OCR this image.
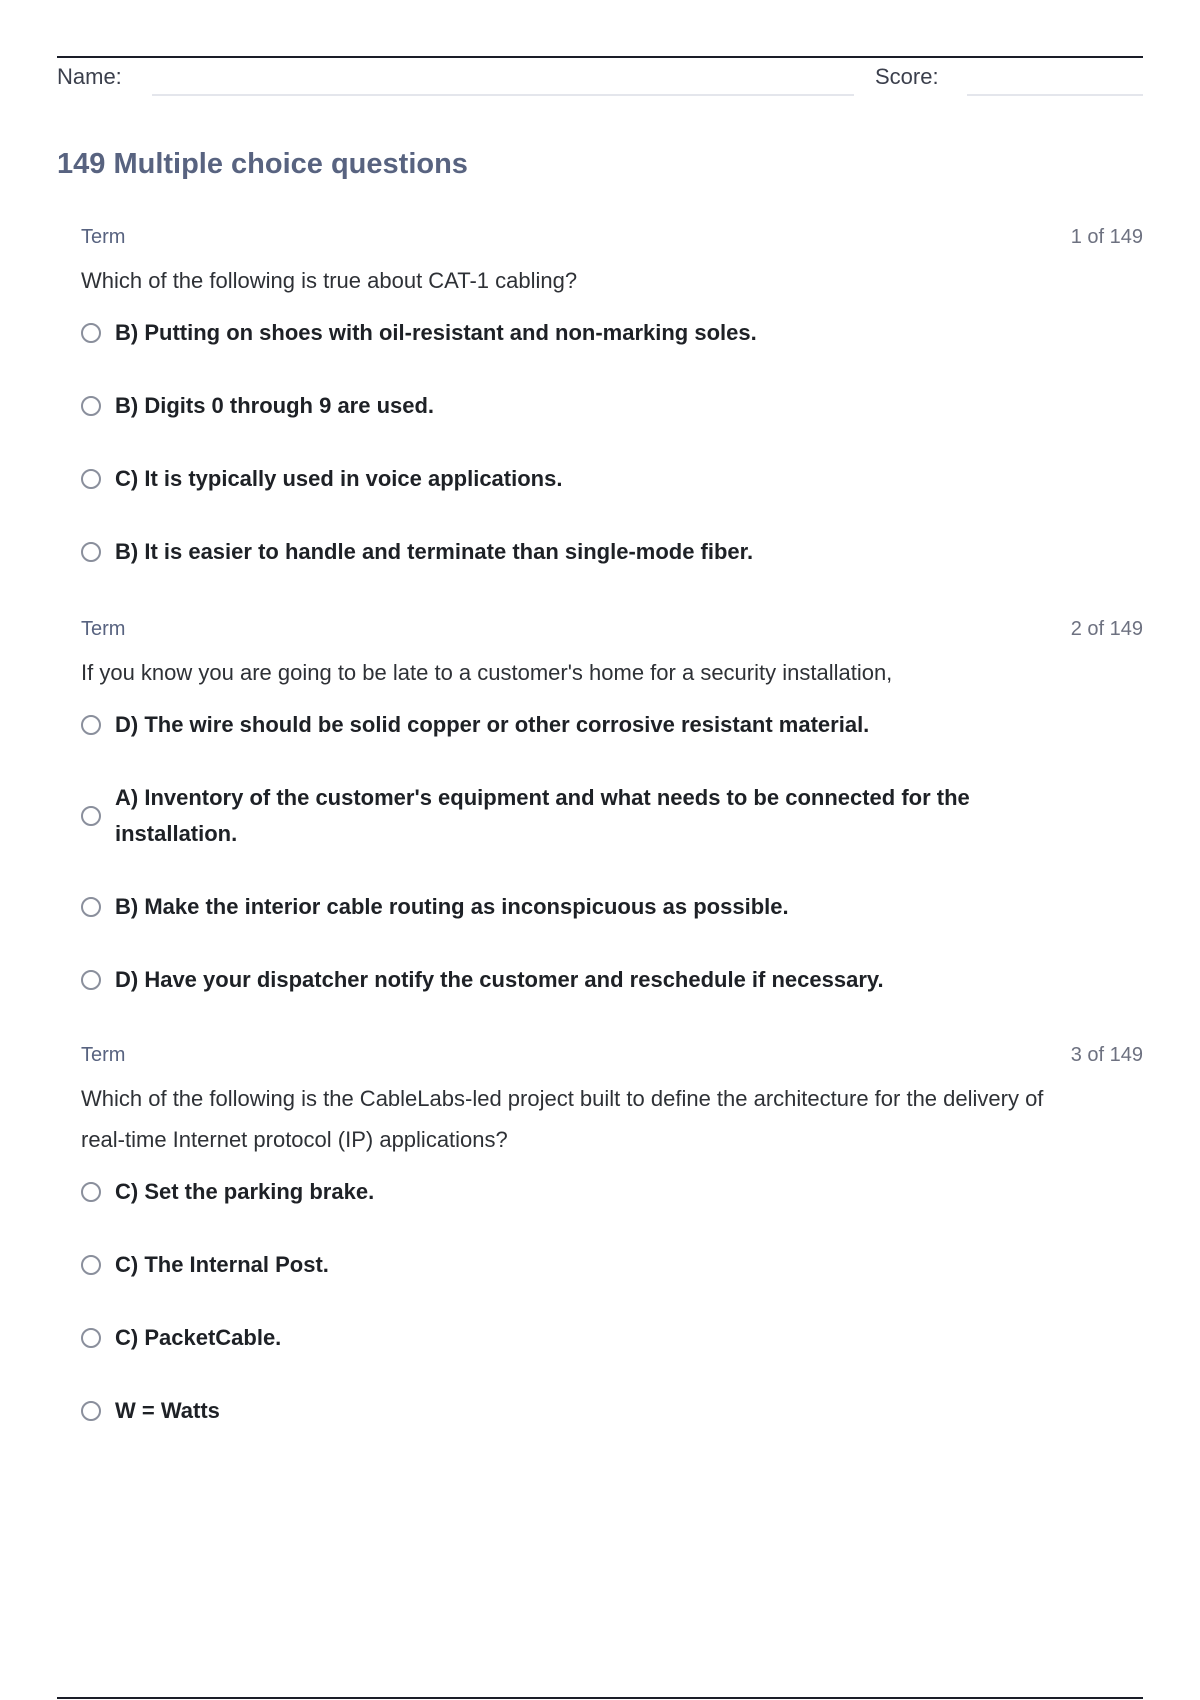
Name:	Score:
149 Multiple choice questions
Term	1 of 149
Which of the following is true about CAT-1 cabling?
B) Putting on shoes with oil-resistant and non-marking soles.
B) Digits 0 through 9 are used.
C) It is typically used in voice applications.
B) It is easier to handle and terminate than single-mode fiber.
Term	2 of 149
If you know you are going to be late to a customer's home for a security installation,
D) The wire should be solid copper or other corrosive resistant material.
A) Inventory of the customer's equipment and what needs to be connected for the installation.
B) Make the interior cable routing as inconspicuous as possible.
D) Have your dispatcher notify the customer and reschedule if necessary.
Term	3 of 149
Which of the following is the CableLabs-led project built to define the architecture for the delivery of real-time Internet protocol (IP) applications?
C) Set the parking brake.
C) The Internal Post.
C) PacketCable.
W = Watts
